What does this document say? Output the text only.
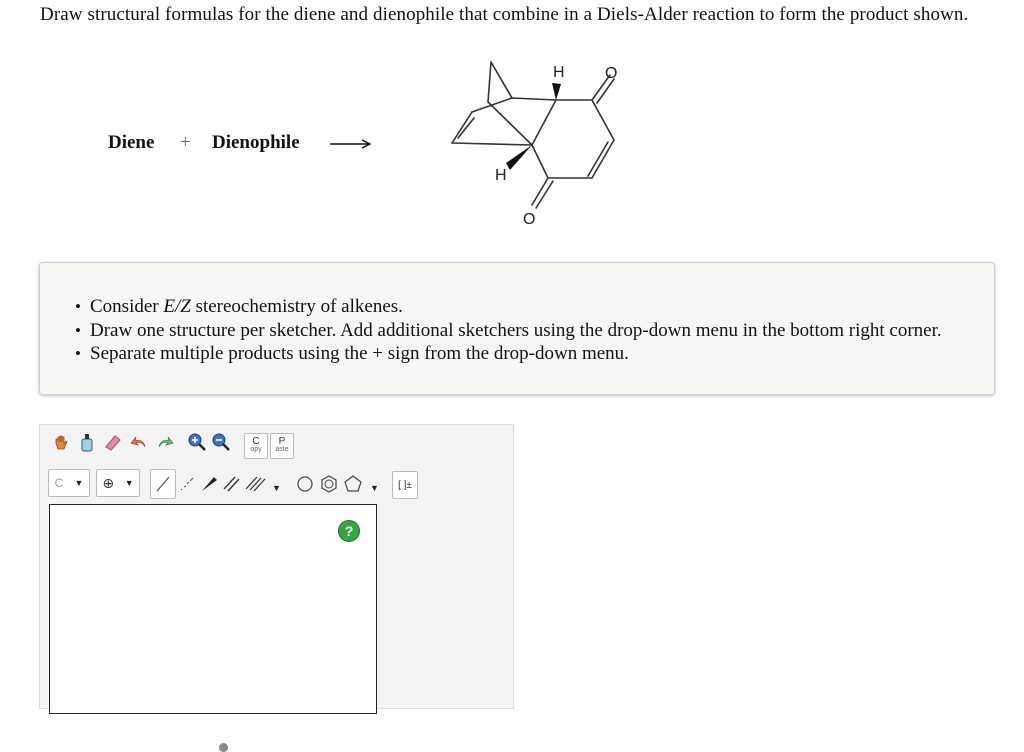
Draw structural formulas for the diene and dienophile that combine in a Diels-Alder reaction to form the product shown.
Diene + Dienophile
H	O
H
O
• Consider E/Z stereochemistry of alkenes.
• Draw one structure per sketcher. Add additional sketchers using the drop-down menu in the bottom right corner.
• Separate multiple products using the + sign from the drop-down menu.
C
opy
P
aste
C ▼ ⊕ ▼	▼	▼ [ ]±
?
